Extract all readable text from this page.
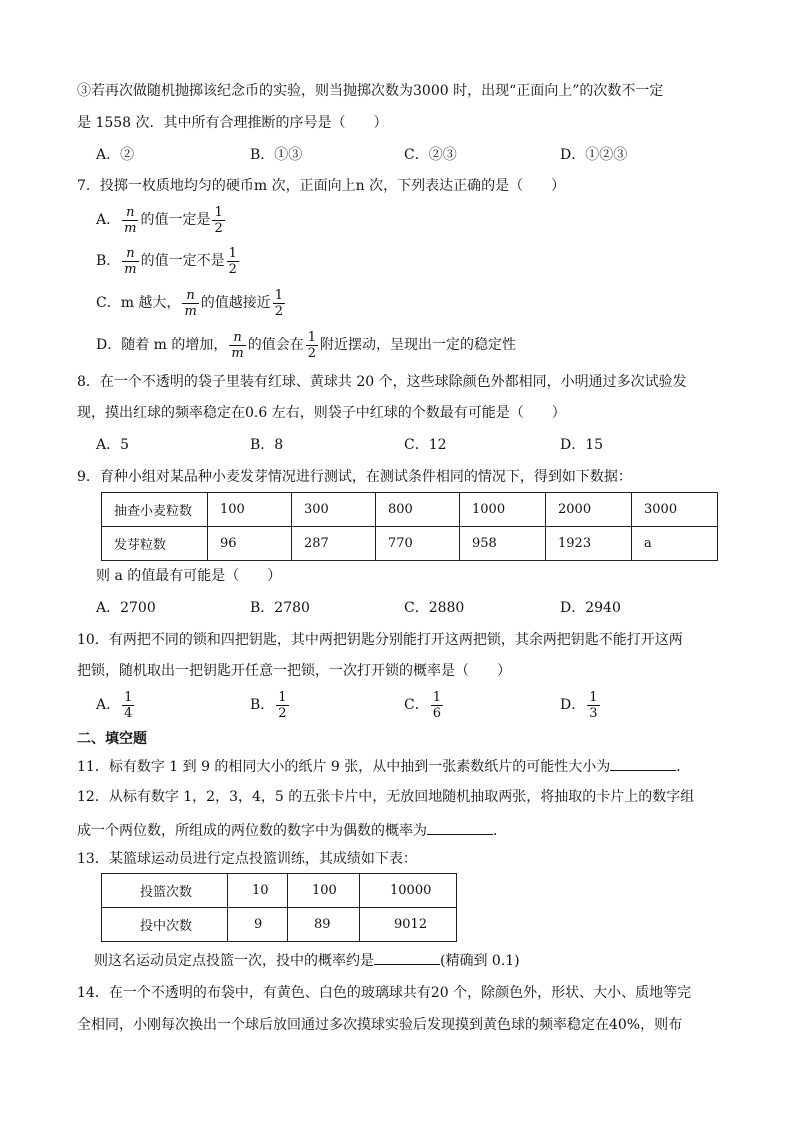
③若再次做随机抛掷该纪念币的实验，则当抛掷次数为3000 时，出现“正面向上”的次数不一定
是 1558 次．其中所有合理推断的序号是（　　）
A．②	B．①③	C．②③	D．①②③
7．投掷一枚质地均匀的硬币m 次，正面向上n 次，下列表达正确的是（　　）
A． $\frac{n}{m}$ 的值一定是 $\frac{1}{2}$
B． $\frac{n}{m}$ 的值一定不是 $\frac{1}{2}$
C．m 越大， $\frac{n}{m}$ 的值越接近 $\frac{1}{2}$
D．随着 m 的增加， $\frac{n}{m}$ 的值会在 $\frac{1}{2}$ 附近摆动，呈现出一定的稳定性
8．在一个不透明的袋子里装有红球、黄球共 20 个，这些球除颜色外都相同，小明通过多次试验发
现，摸出红球的频率稳定在0.6 左右，则袋子中红球的个数最有可能是（　　）
A．5	B．8	C．12	D．15
9．育种小组对某品种小麦发芽情况进行测试，在测试条件相同的情况下，得到如下数据：
抽查小麦粒数	100	300	800	1000	2000	3000
发芽粒数	96	287	770	958	1923	a
则 a 的值最有可能是（　　）
A．2700	B．2780	C．2880	D．2940
10．有两把不同的锁和四把钥匙，其中两把钥匙分别能打开这两把锁，其余两把钥匙不能打开这两
把锁，随机取出一把钥匙开任意一把锁，一次打开锁的概率是（　　）
A． $\frac{1}{4}$	B． $\frac{1}{2}$	C． $\frac{1}{6}$	D． $\frac{1}{3}$
二、填空题
11．标有数字 1 到 9 的相同大小的纸片 9 张，从中抽到一张素数纸片的可能性大小为	．
12．从标有数字 1，2，3，4，5 的五张卡片中，无放回地随机抽取两张，将抽取的卡片上的数字组
成一个两位数，所组成的两位数的数字中为偶数的概率为	．
13．某篮球运动员进行定点投篮训练，其成绩如下表：
投篮次数	10	100	10000
投中次数	9	89	9012
则这名运动员定点投篮一次，投中的概率约是	(精确到 0.1)
14．在一个不透明的布袋中，有黄色、白色的玻璃球共有20 个，除颜色外，形状、大小、质地等完
全相同，小刚每次换出一个球后放回通过多次摸球实验后发现摸到黄色球的频率稳定在40%，则布
